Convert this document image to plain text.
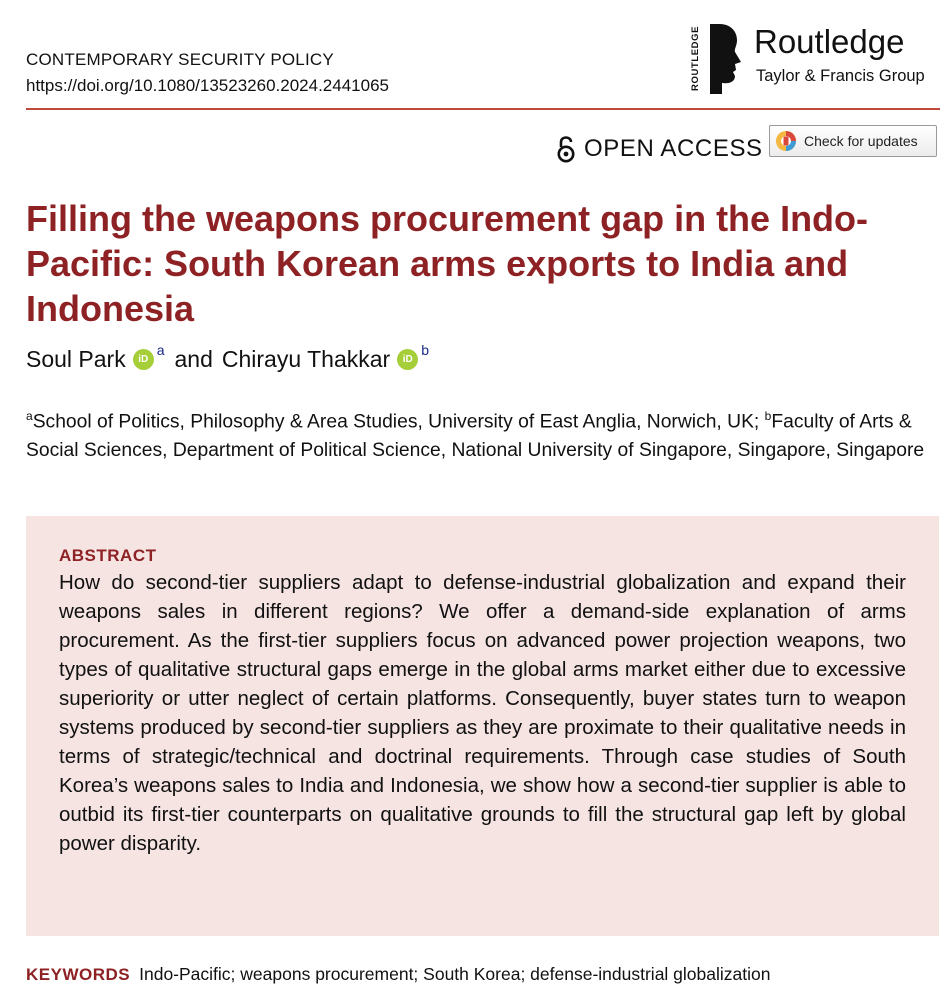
CONTEMPORARY SECURITY POLICY
https://doi.org/10.1080/13523260.2024.2441065	ROUTLEDGE Routledge
Taylor & Francis Group
OPEN ACCESS	Check for updates
Filling the weapons procurement gap in the Indo-Pacific: South Korean arms exports to India and Indonesia
Soul Park	iD
a and Chirayu Thakkar	iD
b
$^a$School of Politics, Philosophy & Area Studies, University of East Anglia, Norwich, UK; $^b$Faculty of Arts & Social Sciences, Department of Political Science, National University of Singapore, Singapore, Singapore
ABSTRACT

How do second-tier suppliers adapt to defense-industrial globalization and expand their weapons sales in different regions? We offer a demand-side explanation of arms procurement. As the first-tier suppliers focus on advanced power projection weapons, two types of qualitative structural gaps emerge in the global arms market either due to excessive superiority or utter neglect of certain platforms. Consequently, buyer states turn to weapon systems produced by second-tier suppliers as they are proximate to their qualitative needs in terms of strategic/technical and doctrinal requirements. Through case studies of South Korea’s weapons sales to India and Indonesia, we show how a second-tier supplier is able to outbid its first-tier counterparts on qualitative grounds to fill the structural gap left by global power disparity.

KEYWORDS Indo-Pacific; weapons procurement; South Korea; defense-industrial globalization
